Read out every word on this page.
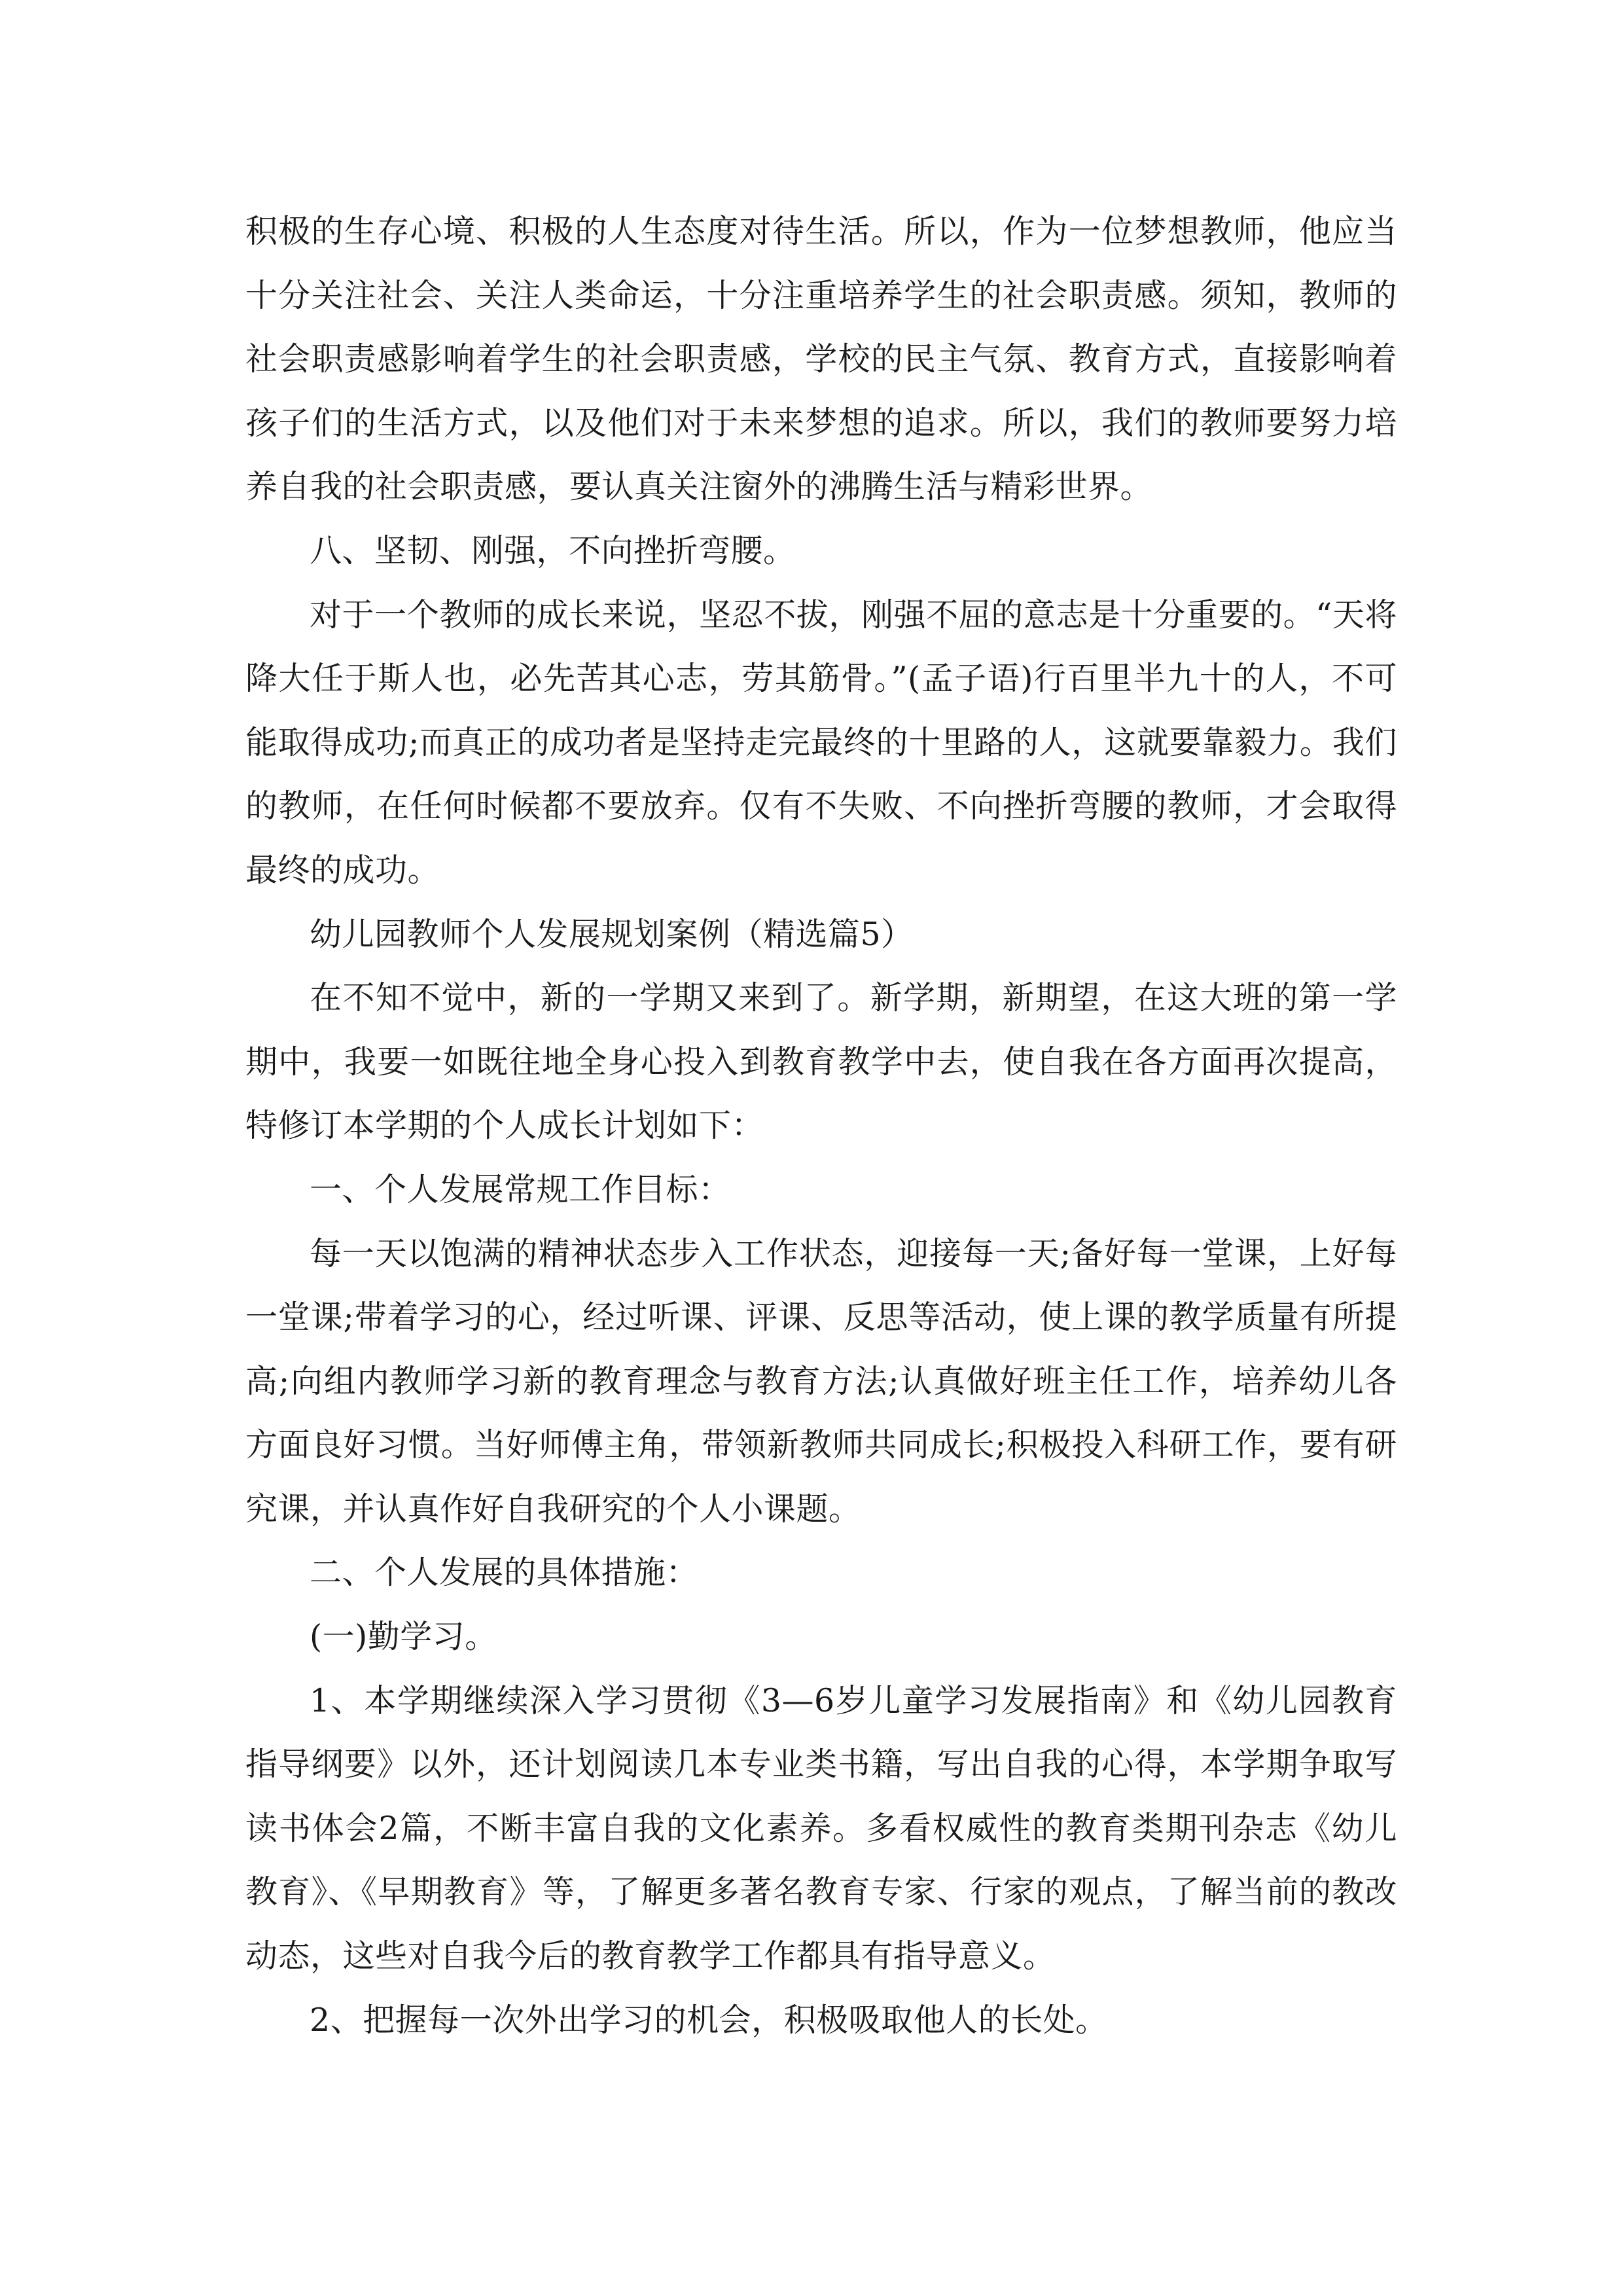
积极的生存心境、积极的人生态度对待生活。所以，作为一位梦想教师，他应当十分关注社会、关注人类命运，十分注重培养学生的社会职责感。须知，教师的社会职责感影响着学生的社会职责感，学校的民主气氛、教育方式，直接影响着孩子们的生活方式，以及他们对于未来梦想的追求。所以，我们的教师要努力培养自我的社会职责感，要认真关注窗外的沸腾生活与精彩世界。

八、坚韧、刚强，不向挫折弯腰。

对于一个教师的成长来说，坚忍不拔，刚强不屈的意志是十分重要的。“天将降大任于斯人也，必先苦其心志，劳其筋骨。”(孟子语)行百里半九十的人，不可能取得成功;而真正的成功者是坚持走完最终的十里路的人，这就要靠毅力。我们的教师，在任何时候都不要放弃。仅有不失败、不向挫折弯腰的教师，才会取得最终的成功。

幼儿园教师个人发展规划案例（精选篇5）

在不知不觉中，新的一学期又来到了。新学期，新期望，在这大班的第一学期中，我要一如既往地全身心投入到教育教学中去，使自我在各方面再次提高，特修订本学期的个人成长计划如下：

一、个人发展常规工作目标：

每一天以饱满的精神状态步入工作状态，迎接每一天;备好每一堂课，上好每一堂课;带着学习的心，经过听课、评课、反思等活动，使上课的教学质量有所提高;向组内教师学习新的教育理念与教育方法;认真做好班主任工作，培养幼儿各方面良好习惯。当好师傅主角，带领新教师共同成长;积极投入科研工作，要有研究课，并认真作好自我研究的个人小课题。

二、个人发展的具体措施：

(一)勤学习。

1、本学期继续深入学习贯彻《3—6岁儿童学习发展指南》和《幼儿园教育指导纲要》以外，还计划阅读几本专业类书籍，写出自我的心得，本学期争取写读书体会2篇，不断丰富自我的文化素养。多看权威性的教育类期刊杂志《幼儿教育》、《早期教育》等，了解更多著名教育专家、行家的观点，了解当前的教改动态，这些对自我今后的教育教学工作都具有指导意义。

2、把握每一次外出学习的机会，积极吸取他人的长处。
